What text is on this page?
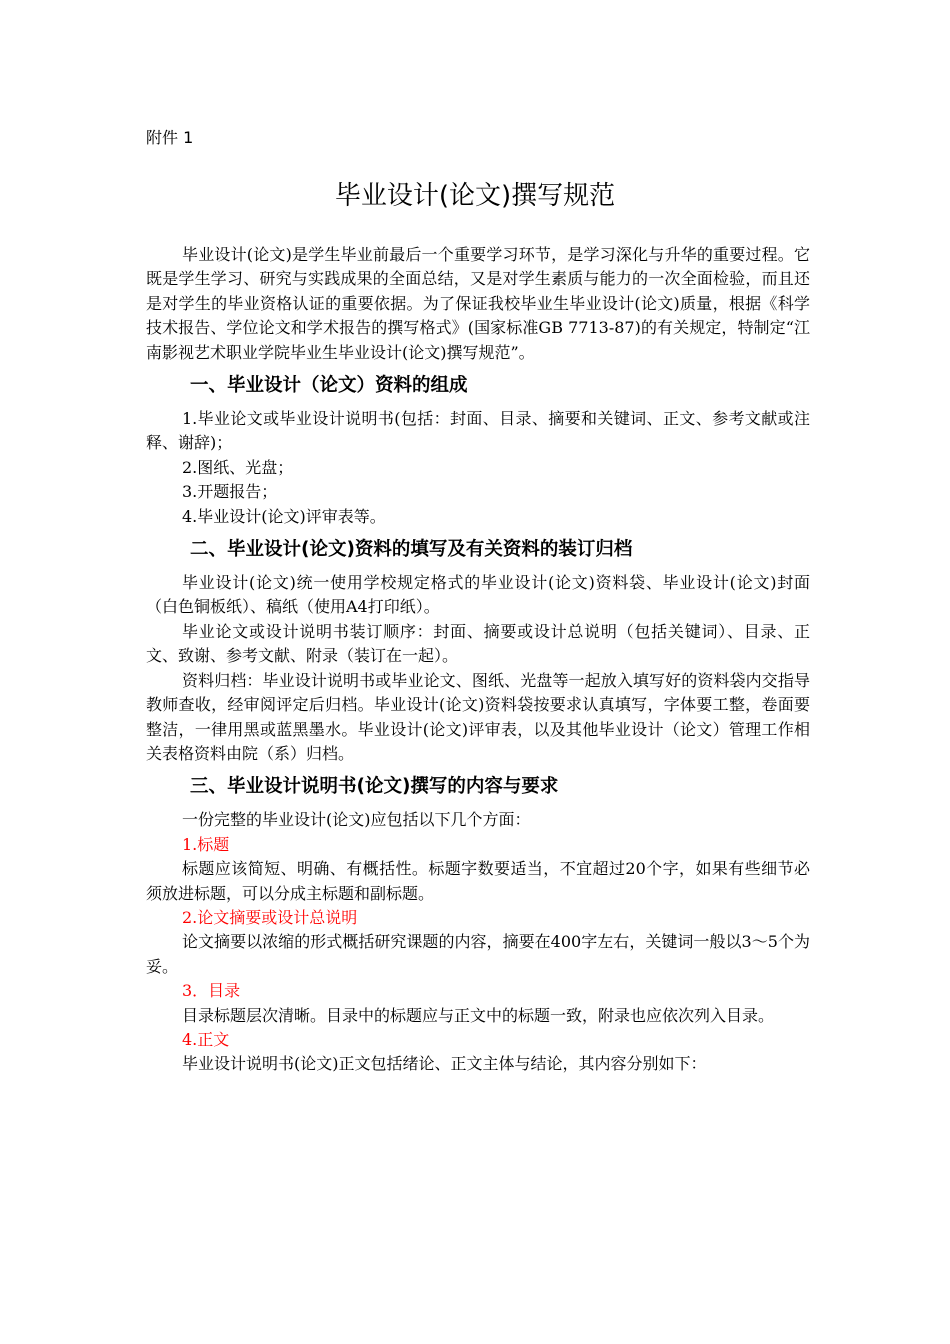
附件 1
毕业设计(论文)撰写规范

毕业设计(论文)是学生毕业前最后一个重要学习环节，是学习深化与升华的重要过程。它既是学生学习、研究与实践成果的全面总结，又是对学生素质与能力的一次全面检验，而且还是对学生的毕业资格认证的重要依据。为了保证我校毕业生毕业设计(论文)质量，根据《科学技术报告、学位论文和学术报告的撰写格式》(国家标准GB 7713-87)的有关规定，特制定“江南影视艺术职业学院毕业生毕业设计(论文)撰写规范”。

一、毕业设计（论文）资料的组成

1.毕业论文或毕业设计说明书(包括：封面、目录、摘要和关键词、正文、参考文献或注释、谢辞)；

2.图纸、光盘；

3.开题报告；

4.毕业设计(论文)评审表等。

二、毕业设计(论文)资料的填写及有关资料的装订归档

毕业设计(论文)统一使用学校规定格式的毕业设计(论文)资料袋、毕业设计(论文)封面（白色铜板纸）、稿纸（使用A4打印纸）。

毕业论文或设计说明书装订顺序：封面、摘要或设计总说明（包括关键词）、目录、正文、致谢、参考文献、附录（装订在一起）。

资料归档：毕业设计说明书或毕业论文、图纸、光盘等一起放入填写好的资料袋内交指导教师查收，经审阅评定后归档。毕业设计(论文)资料袋按要求认真填写，字体要工整，卷面要整洁，一律用黑或蓝黑墨水。毕业设计(论文)评审表，以及其他毕业设计（论文）管理工作相关表格资料由院（系）归档。

三、毕业设计说明书(论文)撰写的内容与要求

一份完整的毕业设计(论文)应包括以下几个方面：

1.标题

标题应该简短、明确、有概括性。标题字数要适当，不宜超过20个字，如果有些细节必须放进标题，可以分成主标题和副标题。

2.论文摘要或设计总说明

论文摘要以浓缩的形式概括研究课题的内容，摘要在400字左右，关键词一般以3～5个为妥。

3．目录

目录标题层次清晰。目录中的标题应与正文中的标题一致，附录也应依次列入目录。

4.正文

毕业设计说明书(论文)正文包括绪论、正文主体与结论，其内容分别如下：
